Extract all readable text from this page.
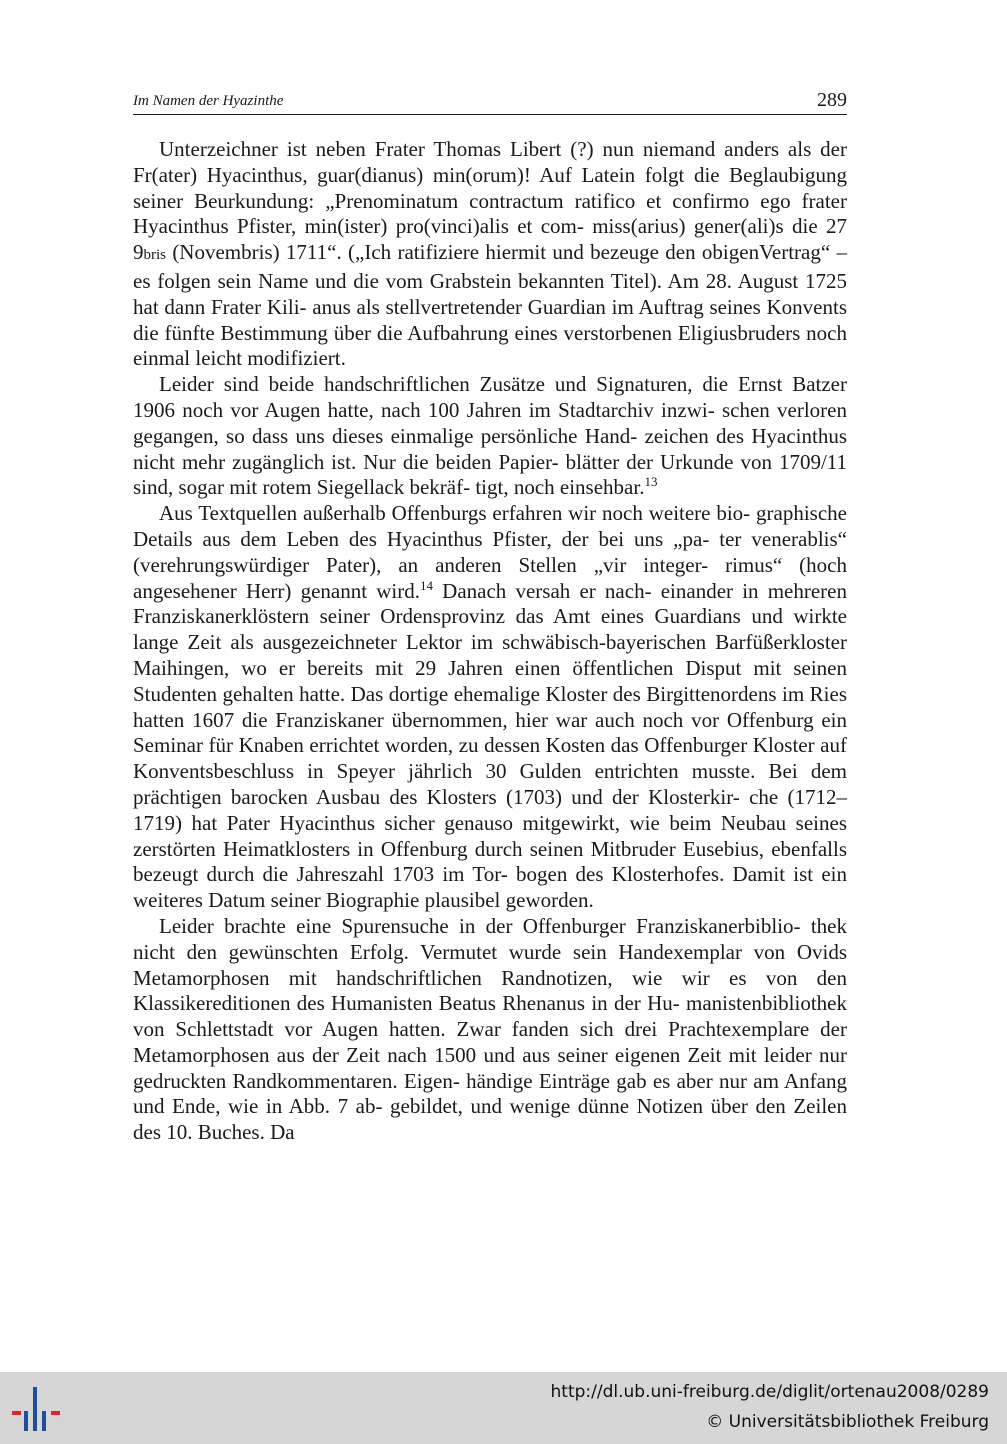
Im Namen der Hyazinthe	289

Unterzeichner ist neben Frater Thomas Libert (?) nun niemand anders als der Fr(ater) Hyacinthus, guar(dianus) min(orum)! Auf Latein folgt die Beglaubigung seiner Beurkundung: „Prenominatum contractum ratifico et confirmo ego frater Hyacinthus Pfister, min(ister) pro(vinci)alis et com- miss(arius) gener(ali)s die 27 9bris (Novembris) 1711“. („Ich ratifiziere hiermit und bezeuge den obigenVertrag“ – es folgen sein Name und die vom Grabstein bekannten Titel). Am 28. August 1725 hat dann Frater Kili- anus als stellvertretender Guardian im Auftrag seines Konvents die fünfte Bestimmung über die Aufbahrung eines verstorbenen Eligiusbruders noch einmal leicht modifiziert.

Leider sind beide handschriftlichen Zusätze und Signaturen, die Ernst Batzer 1906 noch vor Augen hatte, nach 100 Jahren im Stadtarchiv inzwi- schen verloren gegangen, so dass uns dieses einmalige persönliche Hand- zeichen des Hyacinthus nicht mehr zugänglich ist. Nur die beiden Papier- blätter der Urkunde von 1709/11 sind, sogar mit rotem Siegellack bekräf- tigt, noch einsehbar.$^{13}$

Aus Textquellen außerhalb Offenburgs erfahren wir noch weitere bio- graphische Details aus dem Leben des Hyacinthus Pfister, der bei uns „pa- ter venerablis“ (verehrungswürdiger Pater), an anderen Stellen „vir integer- rimus“ (hoch angesehener Herr) genannt wird.$^{14}$ Danach versah er nach- einander in mehreren Franziskanerklöstern seiner Ordensprovinz das Amt eines Guardians und wirkte lange Zeit als ausgezeichneter Lektor im schwäbisch-bayerischen Barfüßerkloster Maihingen, wo er bereits mit 29 Jahren einen öffentlichen Disput mit seinen Studenten gehalten hatte. Das dortige ehemalige Kloster des Birgittenordens im Ries hatten 1607 die Franziskaner übernommen, hier war auch noch vor Offenburg ein Seminar für Knaben errichtet worden, zu dessen Kosten das Offenburger Kloster auf Konventsbeschluss in Speyer jährlich 30 Gulden entrichten musste. Bei dem prächtigen barocken Ausbau des Klosters (1703) und der Klosterkir- che (1712–1719) hat Pater Hyacinthus sicher genauso mitgewirkt, wie beim Neubau seines zerstörten Heimatklosters in Offenburg durch seinen Mitbruder Eusebius, ebenfalls bezeugt durch die Jahreszahl 1703 im Tor- bogen des Klosterhofes. Damit ist ein weiteres Datum seiner Biographie plausibel geworden.

Leider brachte eine Spurensuche in der Offenburger Franziskanerbiblio- thek nicht den gewünschten Erfolg. Vermutet wurde sein Handexemplar von Ovids Metamorphosen mit handschriftlichen Randnotizen, wie wir es von den Klassikereditionen des Humanisten Beatus Rhenanus in der Hu- manistenbibliothek von Schlettstadt vor Augen hatten. Zwar fanden sich drei Prachtexemplare der Metamorphosen aus der Zeit nach 1500 und aus seiner eigenen Zeit mit leider nur gedruckten Randkommentaren. Eigen- händige Einträge gab es aber nur am Anfang und Ende, wie in Abb. 7 ab- gebildet, und wenige dünne Notizen über den Zeilen des 10. Buches. Da

http://dl.ub.uni-freiburg.de/diglit/ortenau2008/0289
© Universitätsbibliothek Freiburg
